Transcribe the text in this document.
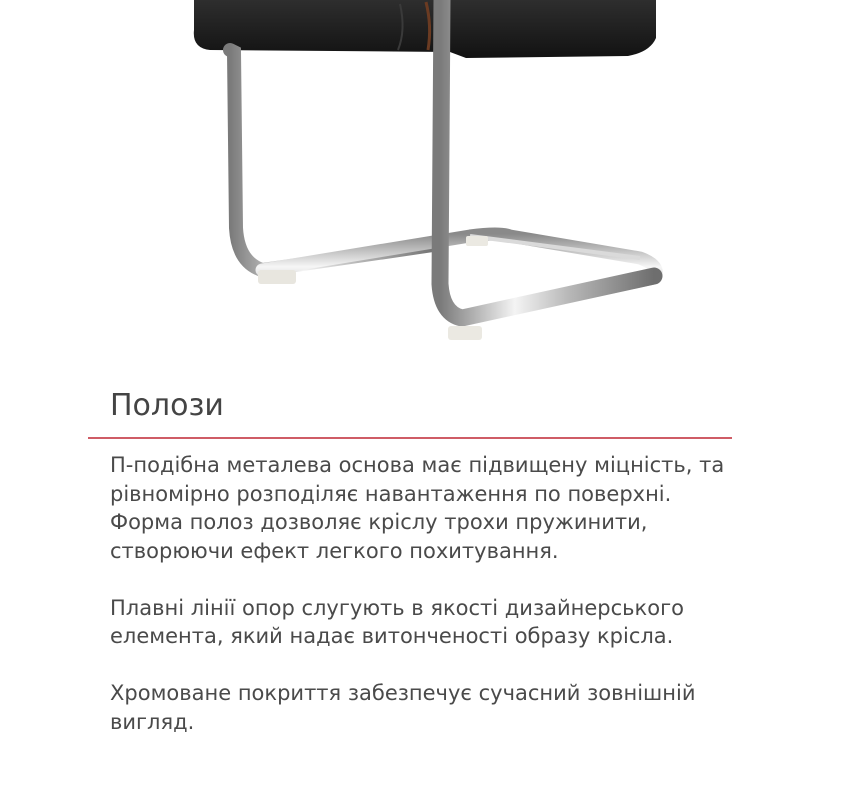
Полози

П-подібна металева основа має підвищену міцність, та
рівномірно розподіляє навантаження по поверхні.
Форма полоз дозволяє кріслу трохи пружинити,
створюючи ефект легкого похитування.

Плавні лінії опор слугують в якості дизайнерського
елемента, який надає витонченості образу крісла.

Хромоване покриття забезпечує сучасний зовнішній
вигляд.
